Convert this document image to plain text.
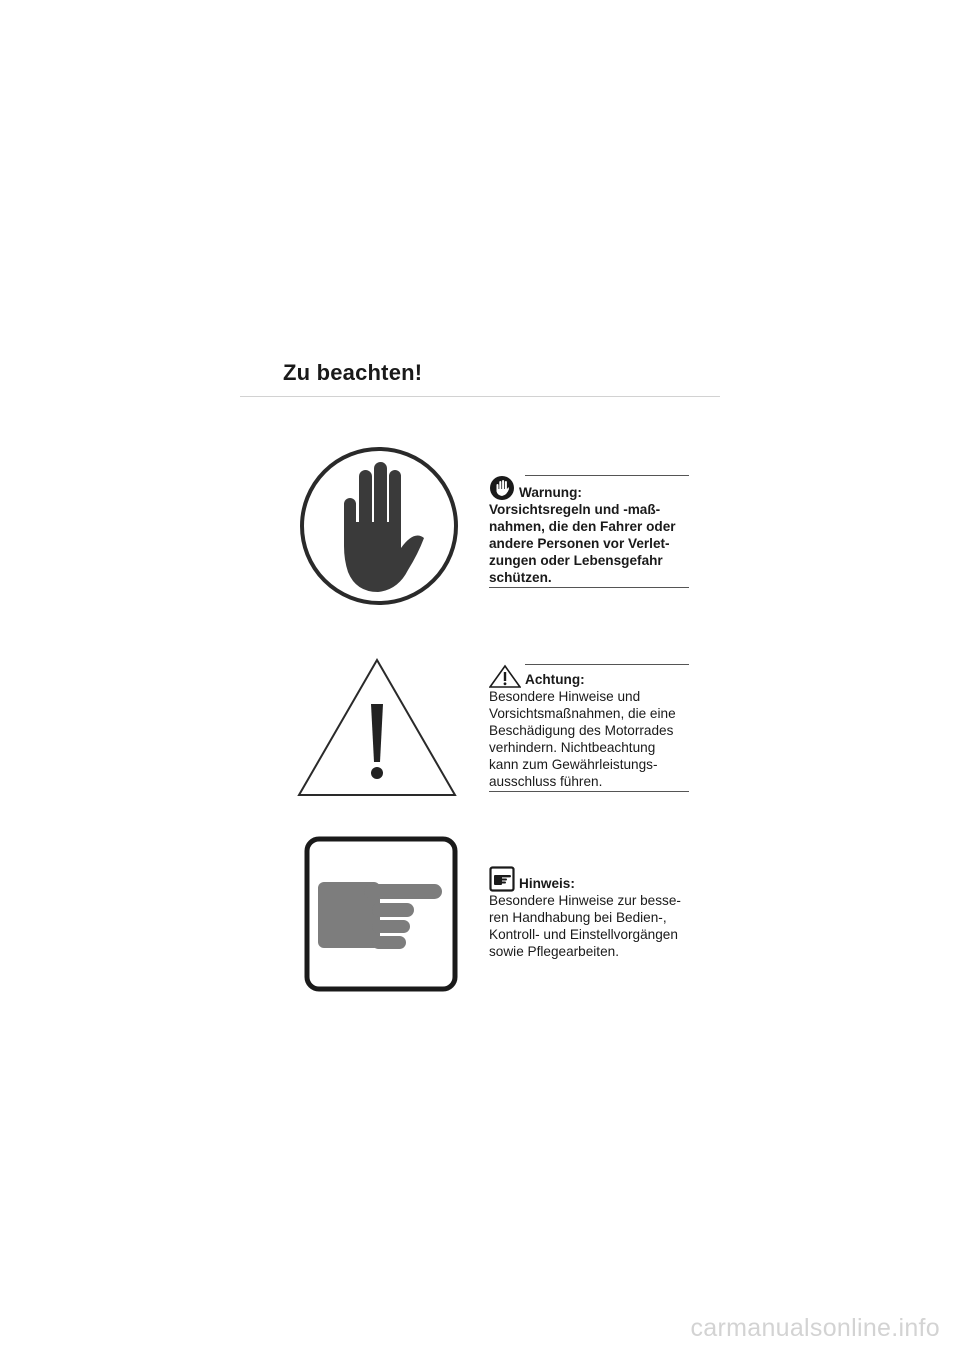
Zu beachten!
Warnung:
Vorsichtsregeln und -maß-
nahmen, die den Fahrer oder
andere Personen vor Verlet-
zungen oder Lebensgefahr
schützen.
Achtung:
Besondere Hinweise und
Vorsichtsmaßnahmen, die eine
Beschädigung des Motorrades
verhindern. Nichtbeachtung
kann zum Gewährleistungs-
ausschluss führen.
Hinweis:
Besondere Hinweise zur besse-
ren Handhabung bei Bedien-,
Kontroll- und Einstellvorgängen
sowie Pflegearbeiten.
carmanualsonline.info
